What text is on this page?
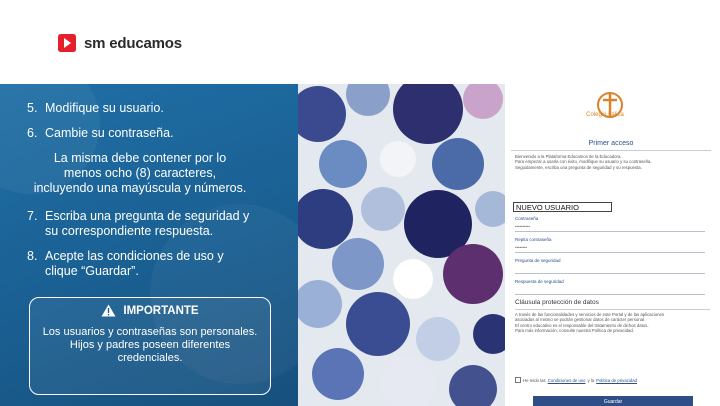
sm educamos
5. Modifique su usuario.
6. Cambie su contraseña.
La misma debe contener por lo
menos ocho (8) caracteres,
incluyendo una mayúscula y números.
7. Escriba una pregunta de seguridad y
su correspondiente respuesta.
8. Acepte las condiciones de uso y
clique “Guardar”.
IMPORTANTE
Los usuarios y contraseñas son personales.
Hijos y padres poseen diferentes
credenciales.
Colegio Itálica
Primer acceso
Bienvenido a la Plataforma Educamos de la Educadora.
Para empezar a usarla con éxito, modifique su usuario y su contraseña.
Seguidamente, escriba una pregunta de seguridad y su respuesta.
NUEVO USUARIO
Contraseña
••••••••••
Repita contraseña
••••••••
Pregunta de seguridad
Respuesta de seguridad
Cláusula protección de datos
A través de las funcionalidades y servicios de este Portal y de las aplicaciones
asociadas al mismo se podrán gestionar datos de carácter personal.
El centro educativo es el responsable del tratamiento de dichos datos.
Para más información, consulte nuestra Política de privacidad.
He leído las Condiciones de uso y la Política de privacidad
Guardar
